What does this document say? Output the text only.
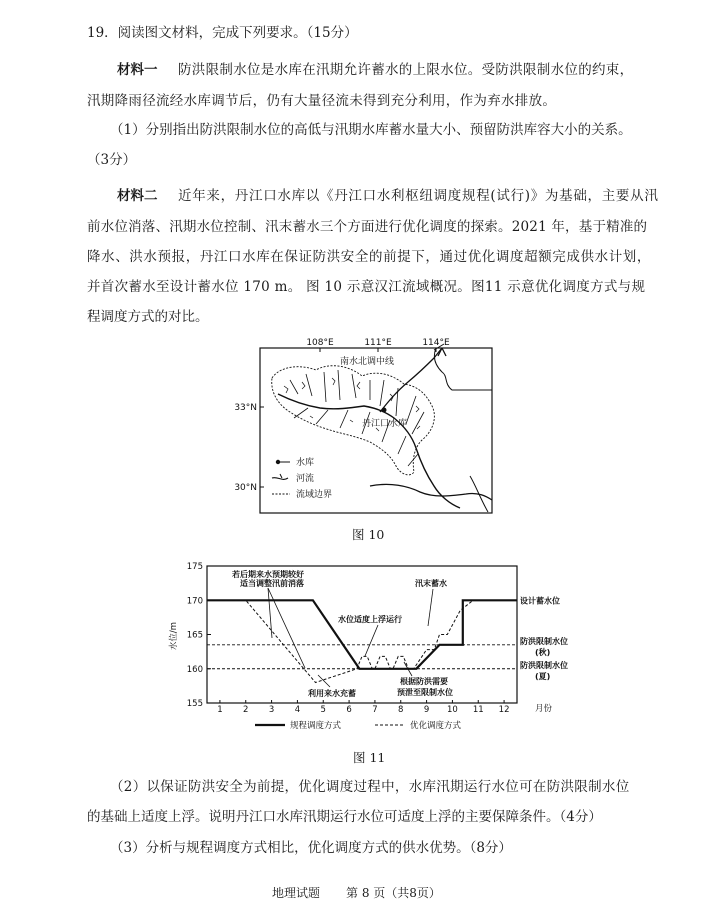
19．阅读图文材料，完成下列要求。（15分）
材料一 防洪限制水位是水库在汛期允许蓄水的上限水位。受防洪限制水位的约束，
汛期降雨径流经水库调节后，仍有大量径流未得到充分利用，作为弃水排放。
（1）分别指出防洪限制水位的高低与汛期水库蓄水量大小、预留防洪库容大小的关系。
（3分）
材料二 近年来，丹江口水库以《丹江口水利枢纽调度规程(试行)》为基础，主要从汛
前水位消落、汛期水位控制、汛末蓄水三个方面进行优化调度的探索。2021 年，基于精准的
降水、洪水预报，丹江口水库在保证防洪安全的前提下，通过优化调度超额完成供水计划，
并首次蓄水至设计蓄水位 170 m。 图 10 示意汉江流域概况。图11 示意优化调度方式与规
程调度方式的对比。
108°E	111°E	114°E
33°N
30°N
南水北调中线
丹江口水库
水库
河流
流域边界
图 10
155
160
165
170
175
1 2 3 4 5 6 7 8 9 10 11 12
设计蓄水位
防洪限制水位
(秋)
防洪限制水位
(夏)
水位/m
月份
若后期来水预期较好
适当调整汛前消落
水位适度上浮运行
汛末蓄水
利用来水充蓄
根据防洪需要
预泄至限制水位
规程调度方式	优化调度方式
图 11
（2）以保证防洪安全为前提，优化调度过程中，水库汛期运行水位可在防洪限制水位
的基础上适度上浮。说明丹江口水库汛期运行水位可适度上浮的主要保障条件。（4分）
（3）分析与规程调度方式相比，优化调度方式的供水优势。（8分）
地理试题 第 8 页（共8页）
